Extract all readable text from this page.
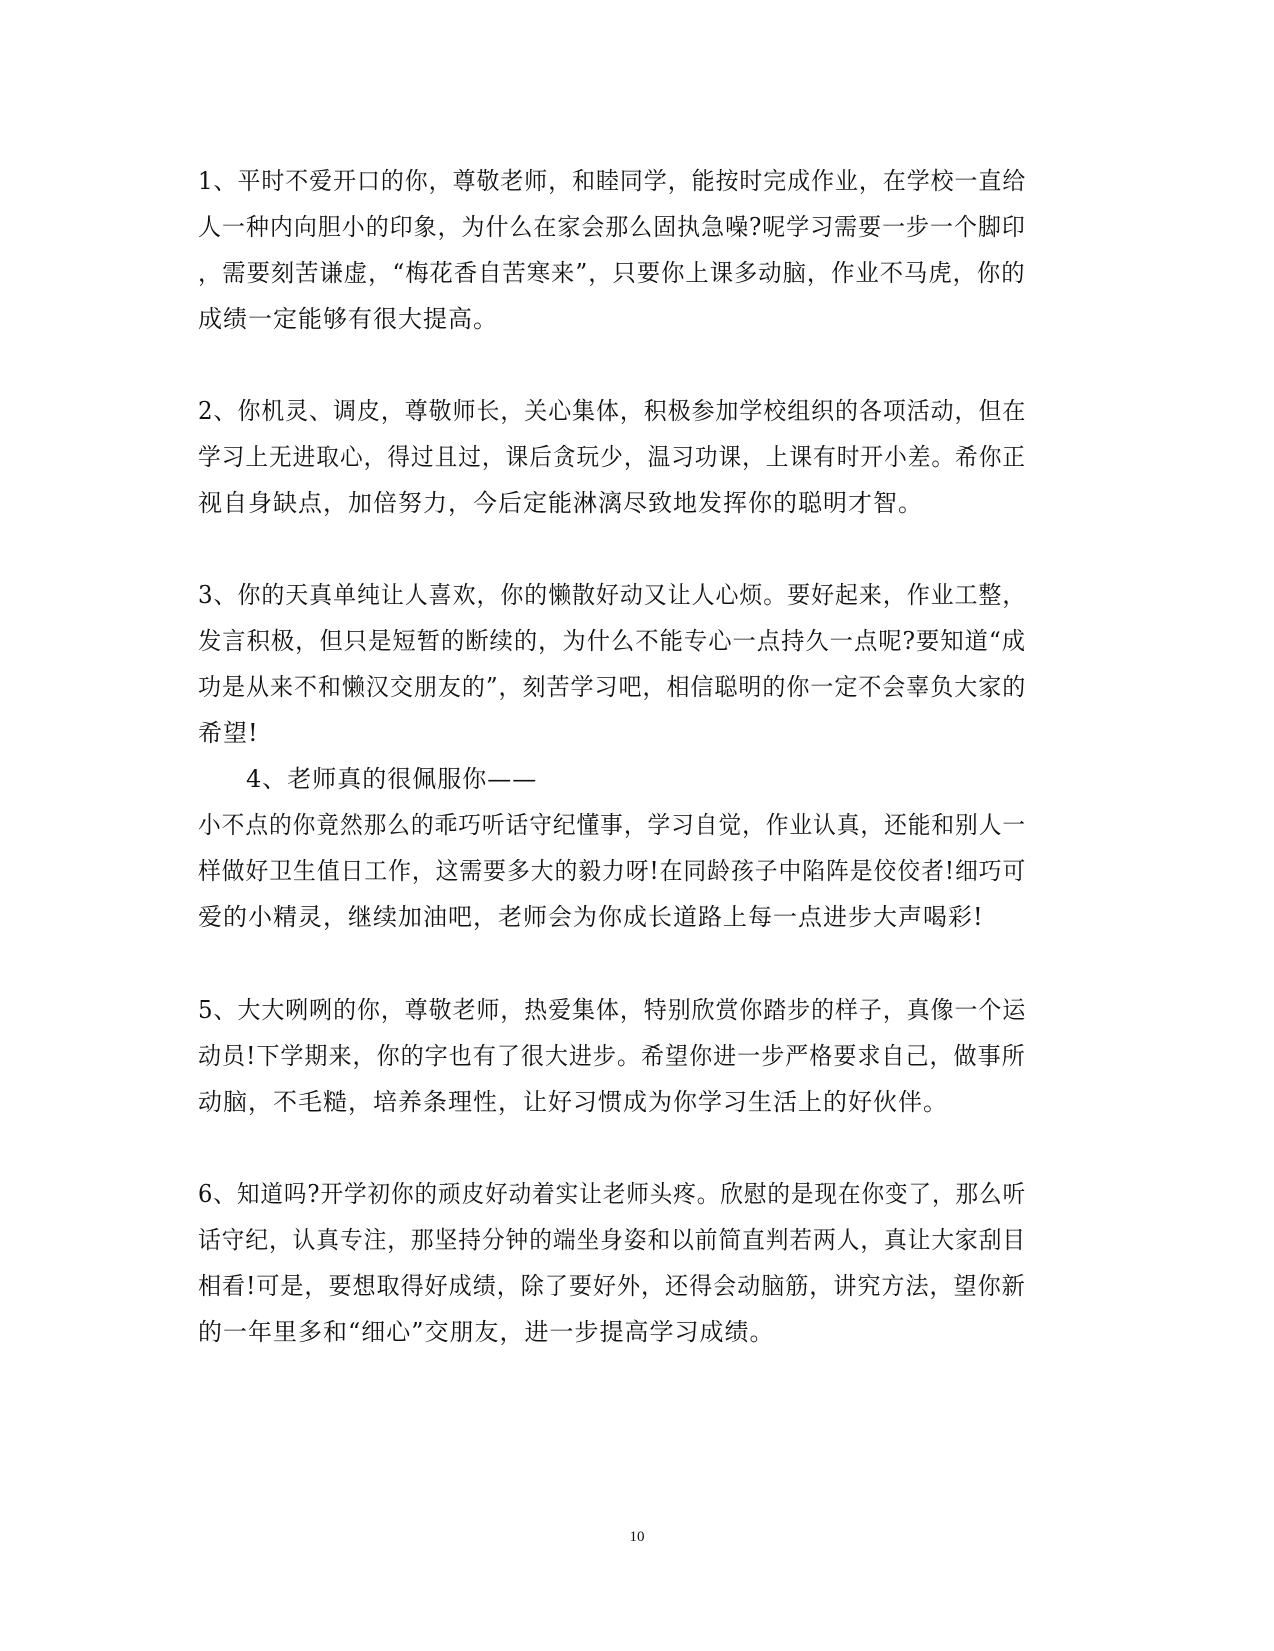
1、平时不爱开口的你，尊敬老师，和睦同学，能按时完成作业，在学校一直给
人一种内向胆小的印象，为什么在家会那么固执急噪?呢学习需要一步一个脚印
，需要刻苦谦虚，“梅花香自苦寒来”，只要你上课多动脑，作业不马虎，你的
成绩一定能够有很大提高。
2、你机灵、调皮，尊敬师长，关心集体，积极参加学校组织的各项活动，但在
学习上无进取心，得过且过，课后贪玩少，温习功课，上课有时开小差。希你正
视自身缺点，加倍努力，今后定能淋漓尽致地发挥你的聪明才智。
3、你的天真单纯让人喜欢，你的懒散好动又让人心烦。要好起来，作业工整，
发言积极，但只是短暂的断续的，为什么不能专心一点持久一点呢?要知道“成
功是从来不和懒汉交朋友的”，刻苦学习吧，相信聪明的你一定不会辜负大家的
希望!
4、老师真的很佩服你——
小不点的你竟然那么的乖巧听话守纪懂事，学习自觉，作业认真，还能和别人一
样做好卫生值日工作，这需要多大的毅力呀!在同龄孩子中陷阵是佼佼者!细巧可
爱的小精灵，继续加油吧，老师会为你成长道路上每一点进步大声喝彩!
5、大大咧咧的你，尊敬老师，热爱集体，特别欣赏你踏步的样子，真像一个运
动员!下学期来，你的字也有了很大进步。希望你进一步严格要求自己，做事所
动脑，不毛糙，培养条理性，让好习惯成为你学习生活上的好伙伴。
6、知道吗?开学初你的顽皮好动着实让老师头疼。欣慰的是现在你变了，那么听
话守纪，认真专注，那坚持分钟的端坐身姿和以前简直判若两人，真让大家刮目
相看!可是，要想取得好成绩，除了要好外，还得会动脑筋，讲究方法，望你新
的一年里多和“细心”交朋友，进一步提高学习成绩。
10
